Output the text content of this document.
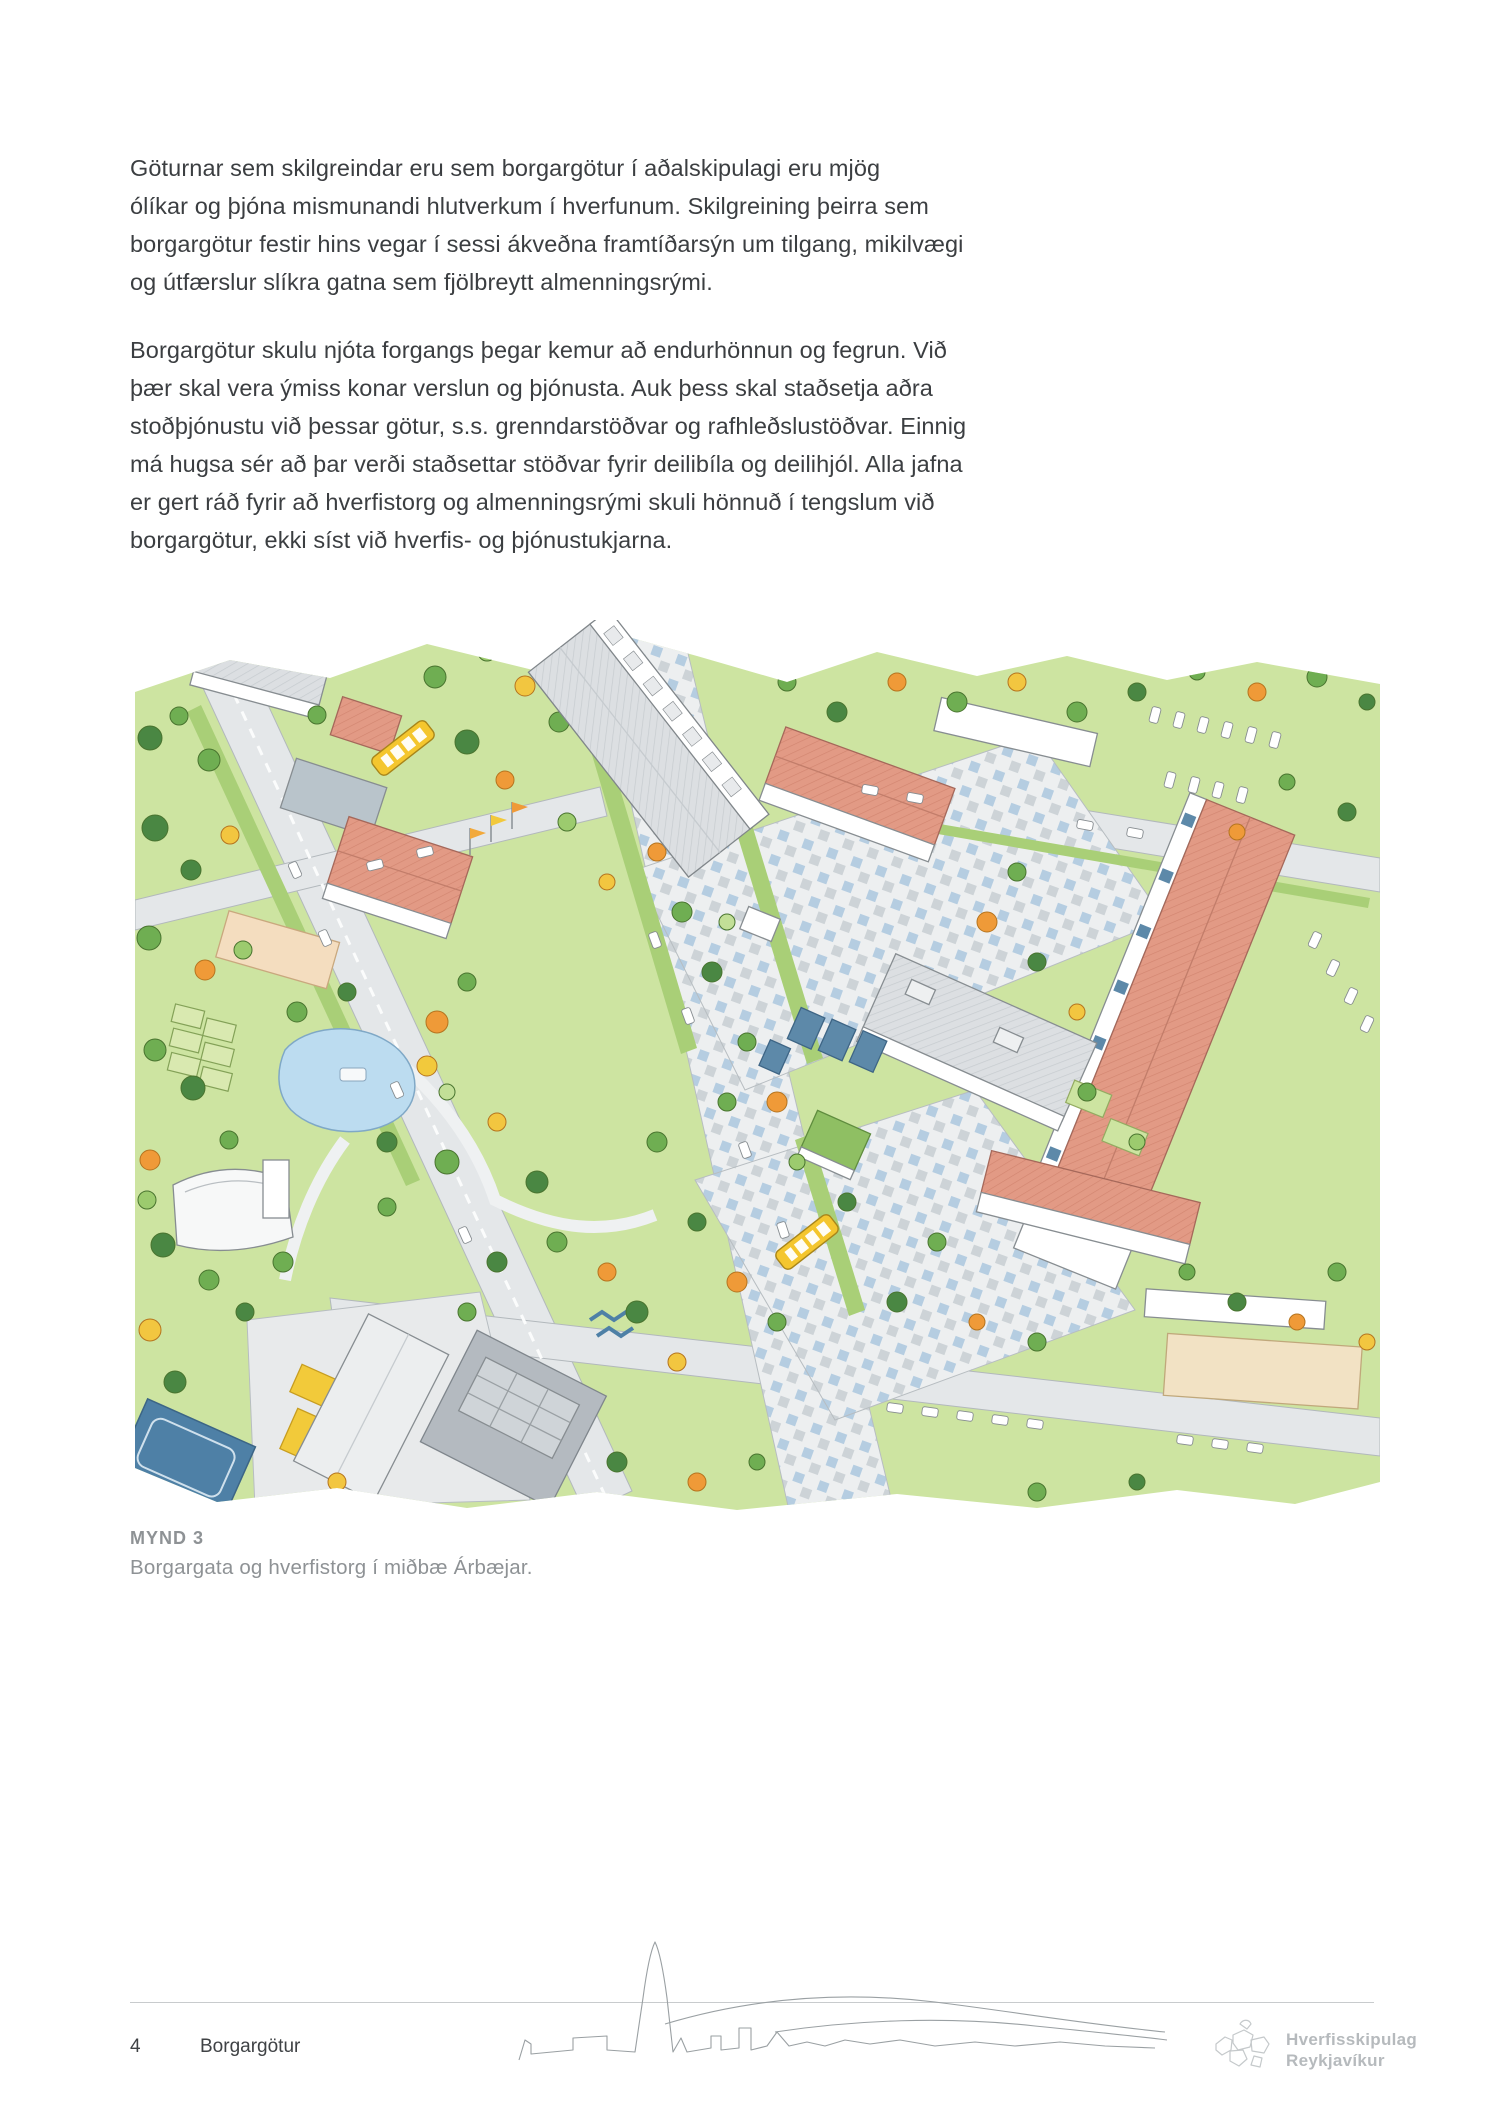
Göturnar sem skilgreindar eru sem borgargötur í aðalskipulagi eru mjög
ólíkar og þjóna mismunandi hlutverkum í hverfunum. Skilgreining þeirra sem
borgargötur festir hins vegar í sessi ákveðna framtíðarsýn um tilgang, mikilvægi
og útfærslur slíkra gatna sem fjölbreytt almenningsrými.
Borgargötur skulu njóta forgangs þegar kemur að endurhönnun og fegrun. Við
þær skal vera ýmiss konar verslun og þjónusta. Auk þess skal staðsetja aðra
stoðþjónustu við þessar götur, s.s. grenndarstöðvar og rafhleðslustöðvar. Einnig
má hugsa sér að þar verði staðsettar stöðvar fyrir deilibíla og deilihjól. Alla jafna
er gert ráð fyrir að hverfistorg og almenningsrými skuli hönnuð í tengslum við
borgargötur, ekki síst við hverfis- og þjónustukjarna.
MYND 3
Borgargata og hverfistorg í miðbæ Árbæjar.
4	Borgargötur	Hverfisskipulag
Reykjavíkur
